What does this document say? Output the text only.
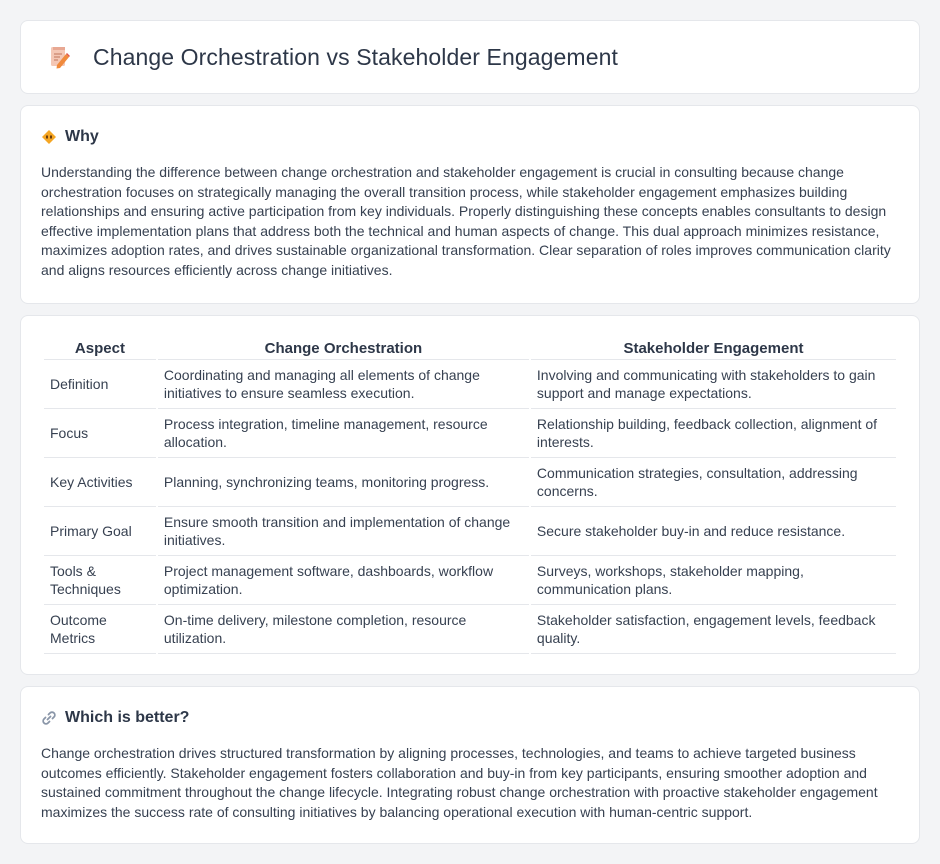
Change Orchestration vs Stakeholder Engagement
Why

Understanding the difference between change orchestration and stakeholder engagement is crucial in consulting because change orchestration focuses on strategically managing the overall transition process, while stakeholder engagement emphasizes building relationships and ensuring active participation from key individuals. Properly distinguishing these concepts enables consultants to design effective implementation plans that address both the technical and human aspects of change. This dual approach minimizes resistance, maximizes adoption rates, and drives sustainable organizational transformation. Clear separation of roles improves communication clarity and aligns resources efficiently across change initiatives.

Aspect	Change Orchestration	Stakeholder Engagement
Definition	Coordinating and managing all elements of change initiatives to ensure seamless execution.	Involving and communicating with stakeholders to gain support and manage expectations.
Focus	Process integration, timeline management, resource allocation.	Relationship building, feedback collection, alignment of interests.
Key Activities	Planning, synchronizing teams, monitoring progress.	Communication strategies, consultation, addressing concerns.
Primary Goal	Ensure smooth transition and implementation of change initiatives.	Secure stakeholder buy-in and reduce resistance.
Tools & Techniques	Project management software, dashboards, workflow optimization.	Surveys, workshops, stakeholder mapping, communication plans.
Outcome Metrics	On-time delivery, milestone completion, resource utilization.	Stakeholder satisfaction, engagement levels, feedback quality.
Which is better?

Change orchestration drives structured transformation by aligning processes, technologies, and teams to achieve targeted business outcomes efficiently. Stakeholder engagement fosters collaboration and buy-in from key participants, ensuring smoother adoption and sustained commitment throughout the change lifecycle. Integrating robust change orchestration with proactive stakeholder engagement maximizes the success rate of consulting initiatives by balancing operational execution with human-centric support.
